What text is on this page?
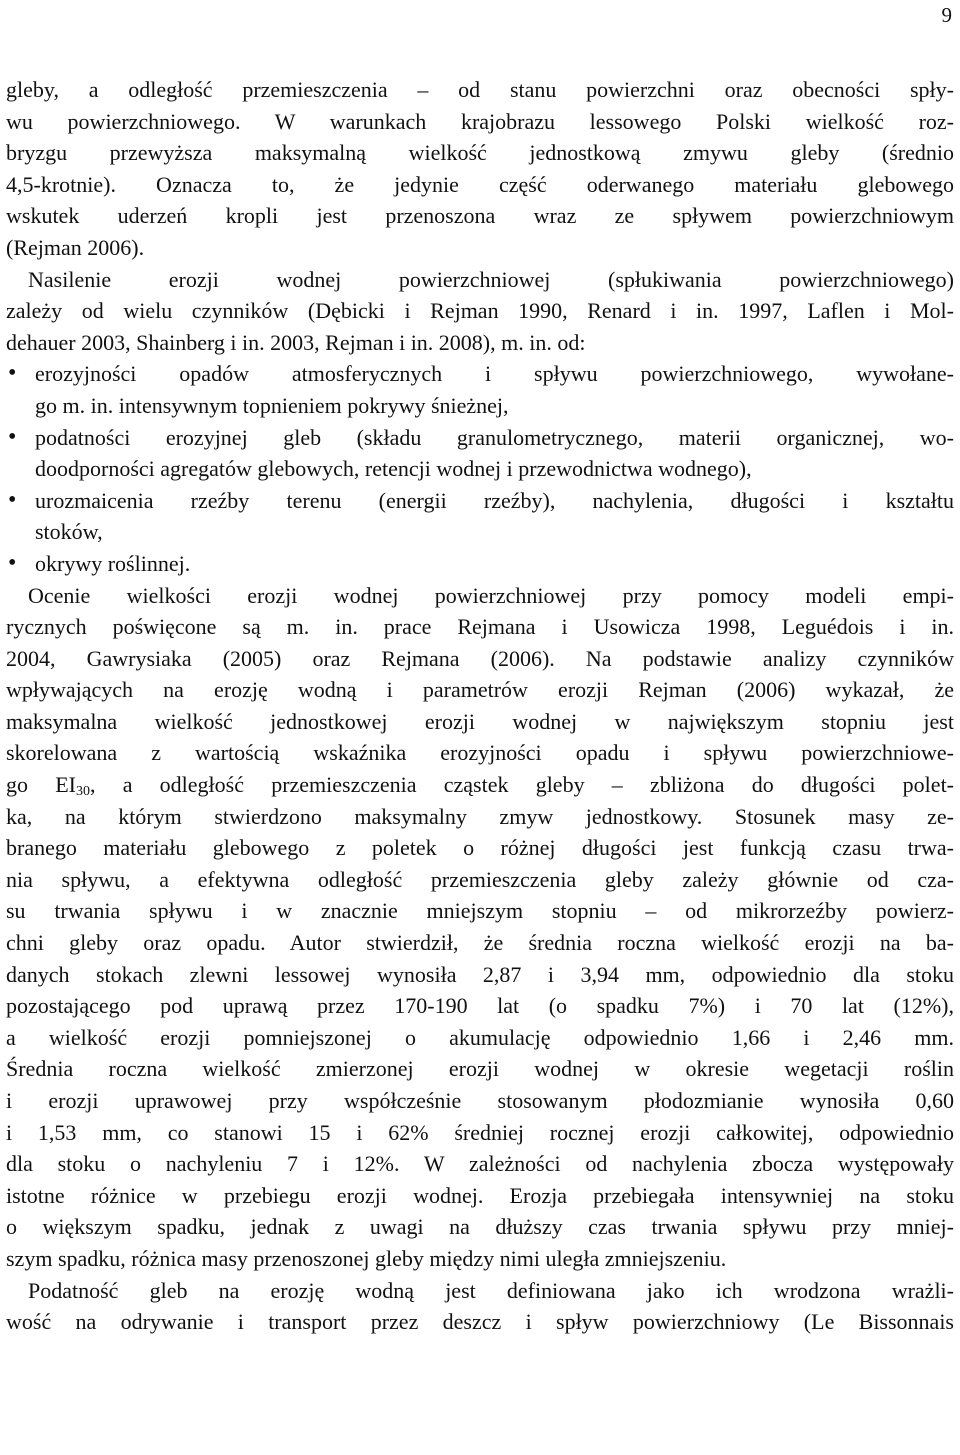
9
gleby, a odległość przemieszczenia – od stanu powierzchni oraz obecności spły-
wu powierzchniowego. W warunkach krajobrazu lessowego Polski wielkość roz-
bryzgu przewyższa maksymalną wielkość jednostkową zmywu gleby (średnio
4,5-krotnie). Oznacza to, że jedynie część oderwanego materiału glebowego
wskutek uderzeń kropli jest przenoszona wraz ze spływem powierzchniowym
(Rejman 2006).
Nasilenie erozji wodnej powierzchniowej (spłukiwania powierzchniowego)
zależy od wielu czynników (Dębicki i Rejman 1990, Renard i in. 1997, Laflen i Mol-
dehauer 2003, Shainberg i in. 2003, Rejman i in. 2008), m. in. od:
• erozyjności opadów atmosferycznych i spływu powierzchniowego, wywołane-
go m. in. intensywnym topnieniem pokrywy śnieżnej,
• podatności erozyjnej gleb (składu granulometrycznego, materii organicznej, wo-
doodporności agregatów glebowych, retencji wodnej i przewodnictwa wodnego),
• urozmaicenia rzeźby terenu (energii rzeźby), nachylenia, długości i kształtu
stoków,
• okrywy roślinnej.
Ocenie wielkości erozji wodnej powierzchniowej przy pomocy modeli empi-
rycznych poświęcone są m. in. prace Rejmana i Usowicza 1998, Leguédois i in.
2004, Gawrysiaka (2005) oraz Rejmana (2006). Na podstawie analizy czynników
wpływających na erozję wodną i parametrów erozji Rejman (2006) wykazał, że
maksymalna wielkość jednostkowej erozji wodnej w największym stopniu jest
skorelowana z wartością wskaźnika erozyjności opadu i spływu powierzchniowe-
go $EI_{30}$, a odległość przemieszczenia cząstek gleby – zbliżona do długości polet-
ka, na którym stwierdzono maksymalny zmyw jednostkowy. Stosunek masy ze-
branego materiału glebowego z poletek o różnej długości jest funkcją czasu trwa-
nia spływu, a efektywna odległość przemieszczenia gleby zależy głównie od cza-
su trwania spływu i w znacznie mniejszym stopniu – od mikrorzeźby powierz-
chni gleby oraz opadu. Autor stwierdził, że średnia roczna wielkość erozji na ba-
danych stokach zlewni lessowej wynosiła 2,87 i 3,94 mm, odpowiednio dla stoku
pozostającego pod uprawą przez 170-190 lat (o spadku 7%) i 70 lat (12%),
a wielkość erozji pomniejszonej o akumulację odpowiednio 1,66 i 2,46 mm.
Średnia roczna wielkość zmierzonej erozji wodnej w okresie wegetacji roślin
i erozji uprawowej przy współcześnie stosowanym płodozmianie wynosiła 0,60
i 1,53 mm, co stanowi 15 i 62% średniej rocznej erozji całkowitej, odpowiednio
dla stoku o nachyleniu 7 i 12%. W zależności od nachylenia zbocza występowały
istotne różnice w przebiegu erozji wodnej. Erozja przebiegała intensywniej na stoku
o większym spadku, jednak z uwagi na dłuższy czas trwania spływu przy mniej-
szym spadku, różnica masy przenoszonej gleby między nimi uległa zmniejszeniu.
Podatność gleb na erozję wodną jest definiowana jako ich wrodzona wrażli-
wość na odrywanie i transport przez deszcz i spływ powierzchniowy (Le Bissonnais
